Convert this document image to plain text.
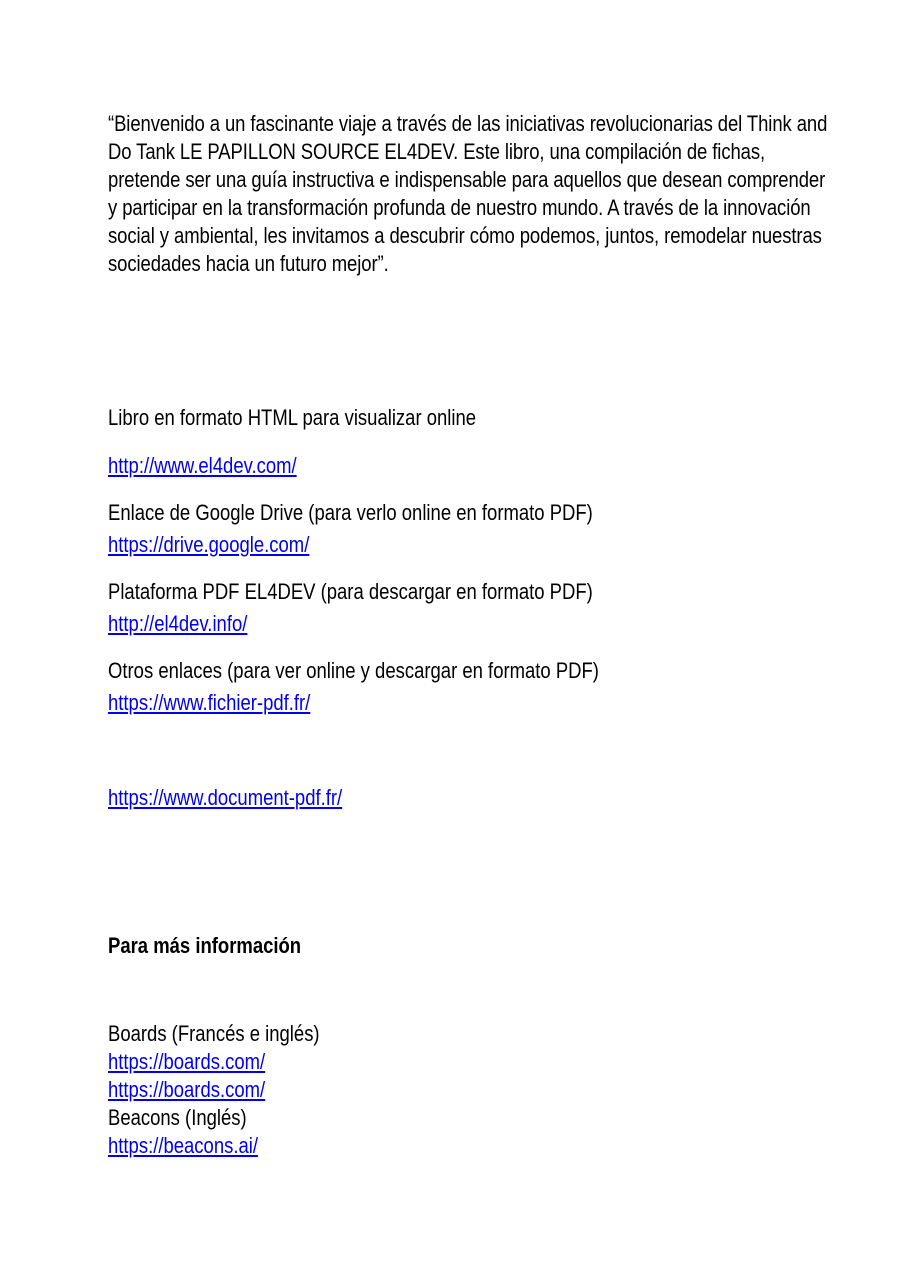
“Bienvenido a un fascinante viaje a través de las iniciativas revolucionarias del Think and Do Tank LE PAPILLON SOURCE EL4DEV. Este libro, una compilación de fichas, pretende ser una guía instructiva e indispensable para aquellos que desean comprender y participar en la transformación profunda de nuestro mundo. A través de la innovación social y ambiental, les invitamos a descubrir cómo podemos, juntos, remodelar nuestras sociedades hacia un futuro mejor”.

Libro en formato HTML para visualizar online
http://www.el4dev.com/
Enlace de Google Drive (para verlo online en formato PDF)
https://drive.google.com/
Plataforma PDF EL4DEV (para descargar en formato PDF)
http://el4dev.info/
Otros enlaces (para ver online y descargar en formato PDF)
https://www.fichier-pdf.fr/
https://www.document-pdf.fr/
Para más información
Boards (Francés e inglés)
https://boards.com/
https://boards.com/
Beacons (Inglés)
https://beacons.ai/
